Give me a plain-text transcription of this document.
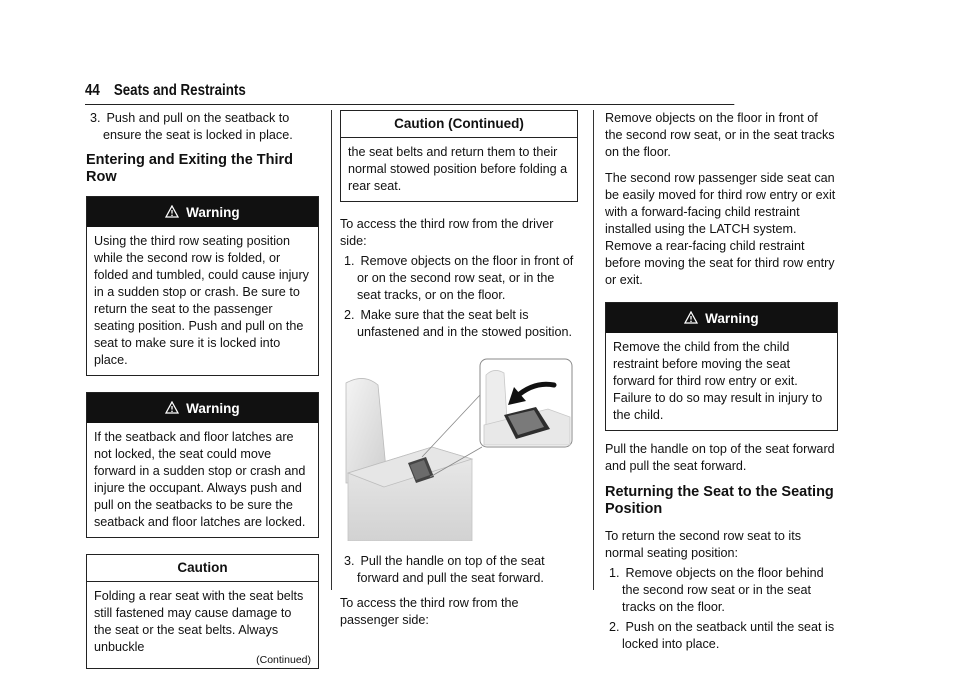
44 Seats and Restraints
3. Push and pull on the seatback to ensure the seat is locked in place.
Entering and Exiting the Third Row
Warning

Using the third row seating position while the second row is folded, or folded and tumbled, could cause injury in a sudden stop or crash. Be sure to return the seat to the passenger seating position. Push and pull on the seat to make sure it is locked into place.

Warning

If the seatback and floor latches are not locked, the seat could move forward in a sudden stop or crash and injure the occupant. Always push and pull on the seatbacks to be sure the seatback and floor latches are locked.

Caution

Folding a rear seat with the seat belts still fastened may cause damage to the seat or the seat belts. Always unbuckle

(Continued)
Caution (Continued)

the seat belts and return them to their normal stowed position before folding a rear seat.

To access the third row from the driver side:

1. Remove objects on the floor in front of or on the second row seat, or in the seat tracks, or on the floor.
2. Make sure that the seat belt is unfastened and in the stowed position.
3. Pull the handle on top of the seat forward and pull the seat forward.

To access the third row from the passenger side:

Remove objects on the floor in front of the second row seat, or in the seat tracks on the floor.

The second row passenger side seat can be easily moved for third row entry or exit with a forward-facing child restraint installed using the LATCH system. Remove a rear-facing child restraint before moving the seat for third row entry or exit.

Warning

Remove the child from the child restraint before moving the seat forward for third row entry or exit. Failure to do so may result in injury to the child.

Pull the handle on top of the seat forward and pull the seat forward.

Returning the Seat to the Seating Position

To return the second row seat to its normal seating position:

1. Remove objects on the floor behind the second row seat or in the seat tracks on the floor.
2. Push on the seatback until the seat is locked into place.
